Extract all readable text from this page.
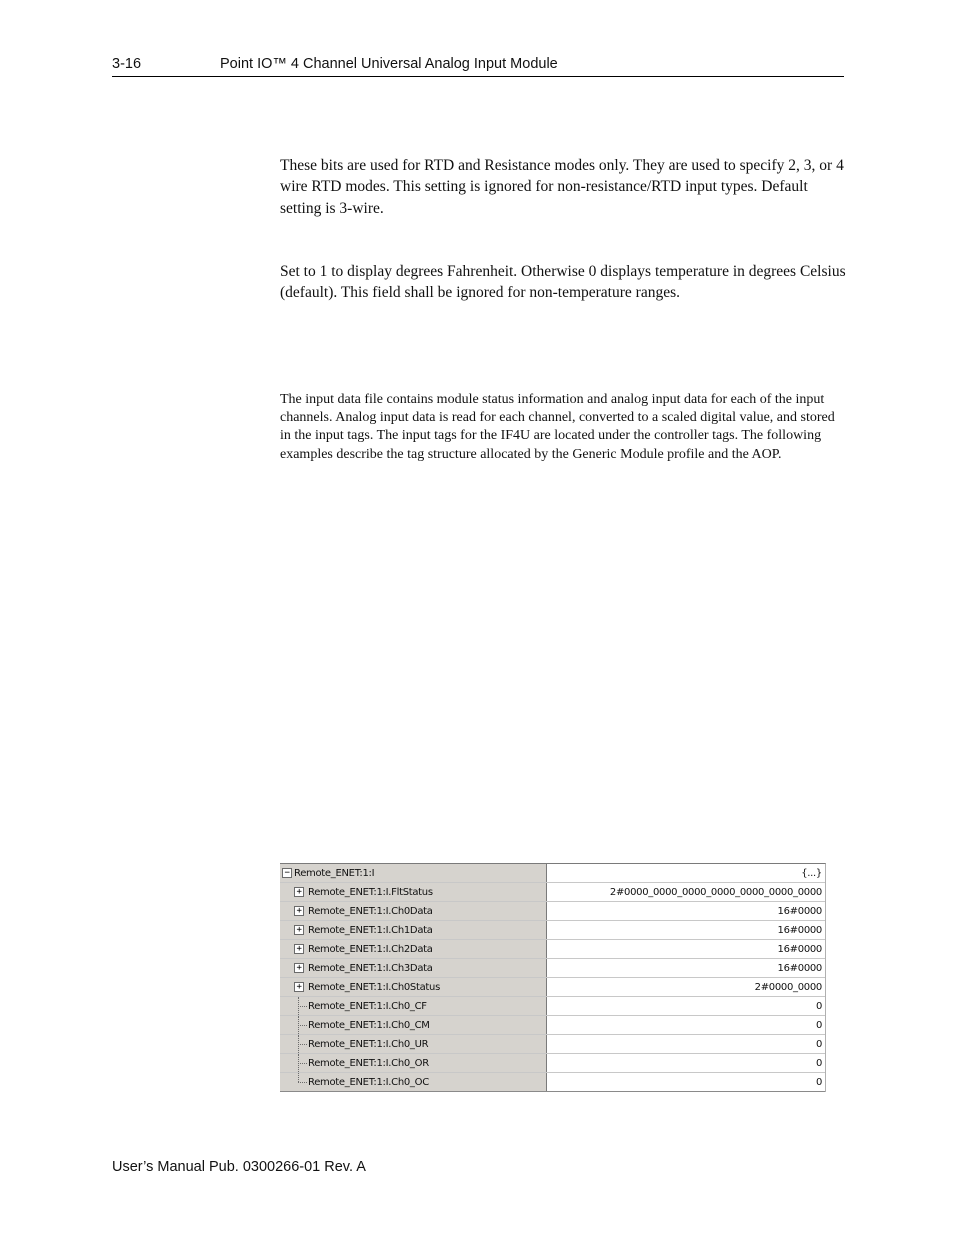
3-16	Point IO™ 4 Channel Universal Analog Input Module
These bits are used for RTD and Resistance modes only. They are used to specify 2, 3, or 4 wire RTD modes. This setting is ignored for non-resistance/RTD input types. Default setting is 3-wire.
Set to 1 to display degrees Fahrenheit. Otherwise 0 displays temperature in degrees Celsius (default). This field shall be ignored for non-temperature ranges.
The input data file contains module status information and analog input data for each of the input channels. Analog input data is read for each channel, converted to a scaled digital value, and stored in the input tags. The input tags for the IF4U are located under the controller tags. The following examples describe the tag structure allocated by the Generic Module profile and the AOP.
− Remote_ENET:1:I	{...}
+ Remote_ENET:1:I.FltStatus	2#0000_0000_0000_0000_0000_0000_0000
+ Remote_ENET:1:I.Ch0Data	16#0000
+ Remote_ENET:1:I.Ch1Data	16#0000
+ Remote_ENET:1:I.Ch2Data	16#0000
+ Remote_ENET:1:I.Ch3Data	16#0000
+ Remote_ENET:1:I.Ch0Status	2#0000_0000
Remote_ENET:1:I.Ch0_CF	0
Remote_ENET:1:I.Ch0_CM	0
Remote_ENET:1:I.Ch0_UR	0
Remote_ENET:1:I.Ch0_OR	0
Remote_ENET:1:I.Ch0_OC	0
User’s Manual Pub. 0300266-01 Rev. A
